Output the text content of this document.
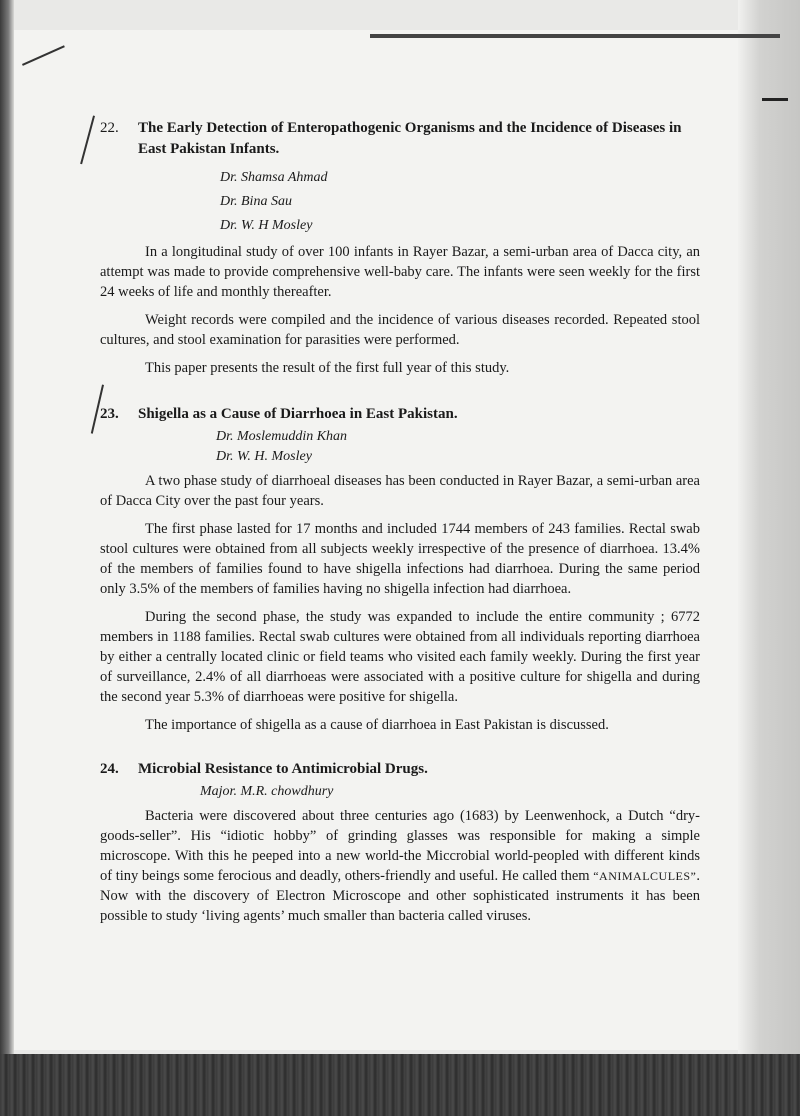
22.	The Early Detection of Enteropathogenic Organisms and the Incidence of Diseases in East Pakistan Infants.
Dr. Shamsa Ahmad
Dr. Bina Sau
Dr. W. H Mosley

In a longitudinal study of over 100 infants in Rayer Bazar, a semi-urban area of Dacca city, an attempt was made to provide comprehensive well-baby care. The infants were seen weekly for the first 24 weeks of life and monthly thereafter.

Weight records were compiled and the incidence of various diseases recorded. Repeated stool cultures, and stool examination for parasities were performed.

This paper presents the result of the first full year of this study.

23.	Shigella as a Cause of Diarrhoea in East Pakistan.
Dr. Moslemuddin Khan
Dr. W. H. Mosley

A two phase study of diarrhoeal diseases has been conducted in Rayer Bazar, a semi-urban area of Dacca City over the past four years.

The first phase lasted for 17 months and included 1744 members of 243 families. Rectal swab stool cultures were obtained from all subjects weekly irrespective of the presence of diarrhoea. 13.4% of the members of families found to have shigella infections had diarrhoea. During the same period only 3.5% of the members of families having no shigella infection had diarrhoea.

During the second phase, the study was expanded to include the entire community ; 6772 members in 1188 families. Rectal swab cultures were obtained from all individuals reporting diarrhoea by either a centrally located clinic or field teams who visited each family weekly. During the first year of surveillance, 2.4% of all diarrhoeas were associated with a positive culture for shigella and during the second year 5.3% of diarrhoeas were positive for shigella.

The importance of shigella as a cause of diarrhoea in East Pakistan is discussed.

24.	Microbial Resistance to Antimicrobial Drugs.
Major. M.R. chowdhury

Bacteria were discovered about three centuries ago (1683) by Leenwenhock, a Dutch “dry-goods-seller”. His “idiotic hobby” of grinding glasses was responsible for making a simple microscope. With this he peeped into a new world-the Miccrobial world-peopled with different kinds of tiny beings some ferocious and deadly, others-friendly and useful. He called them “ANIMALCULES”. Now with the discovery of Electron Microscope and other sophisticated instruments it has been possible to study ‘living agents’ much smaller than bacteria called viruses.
